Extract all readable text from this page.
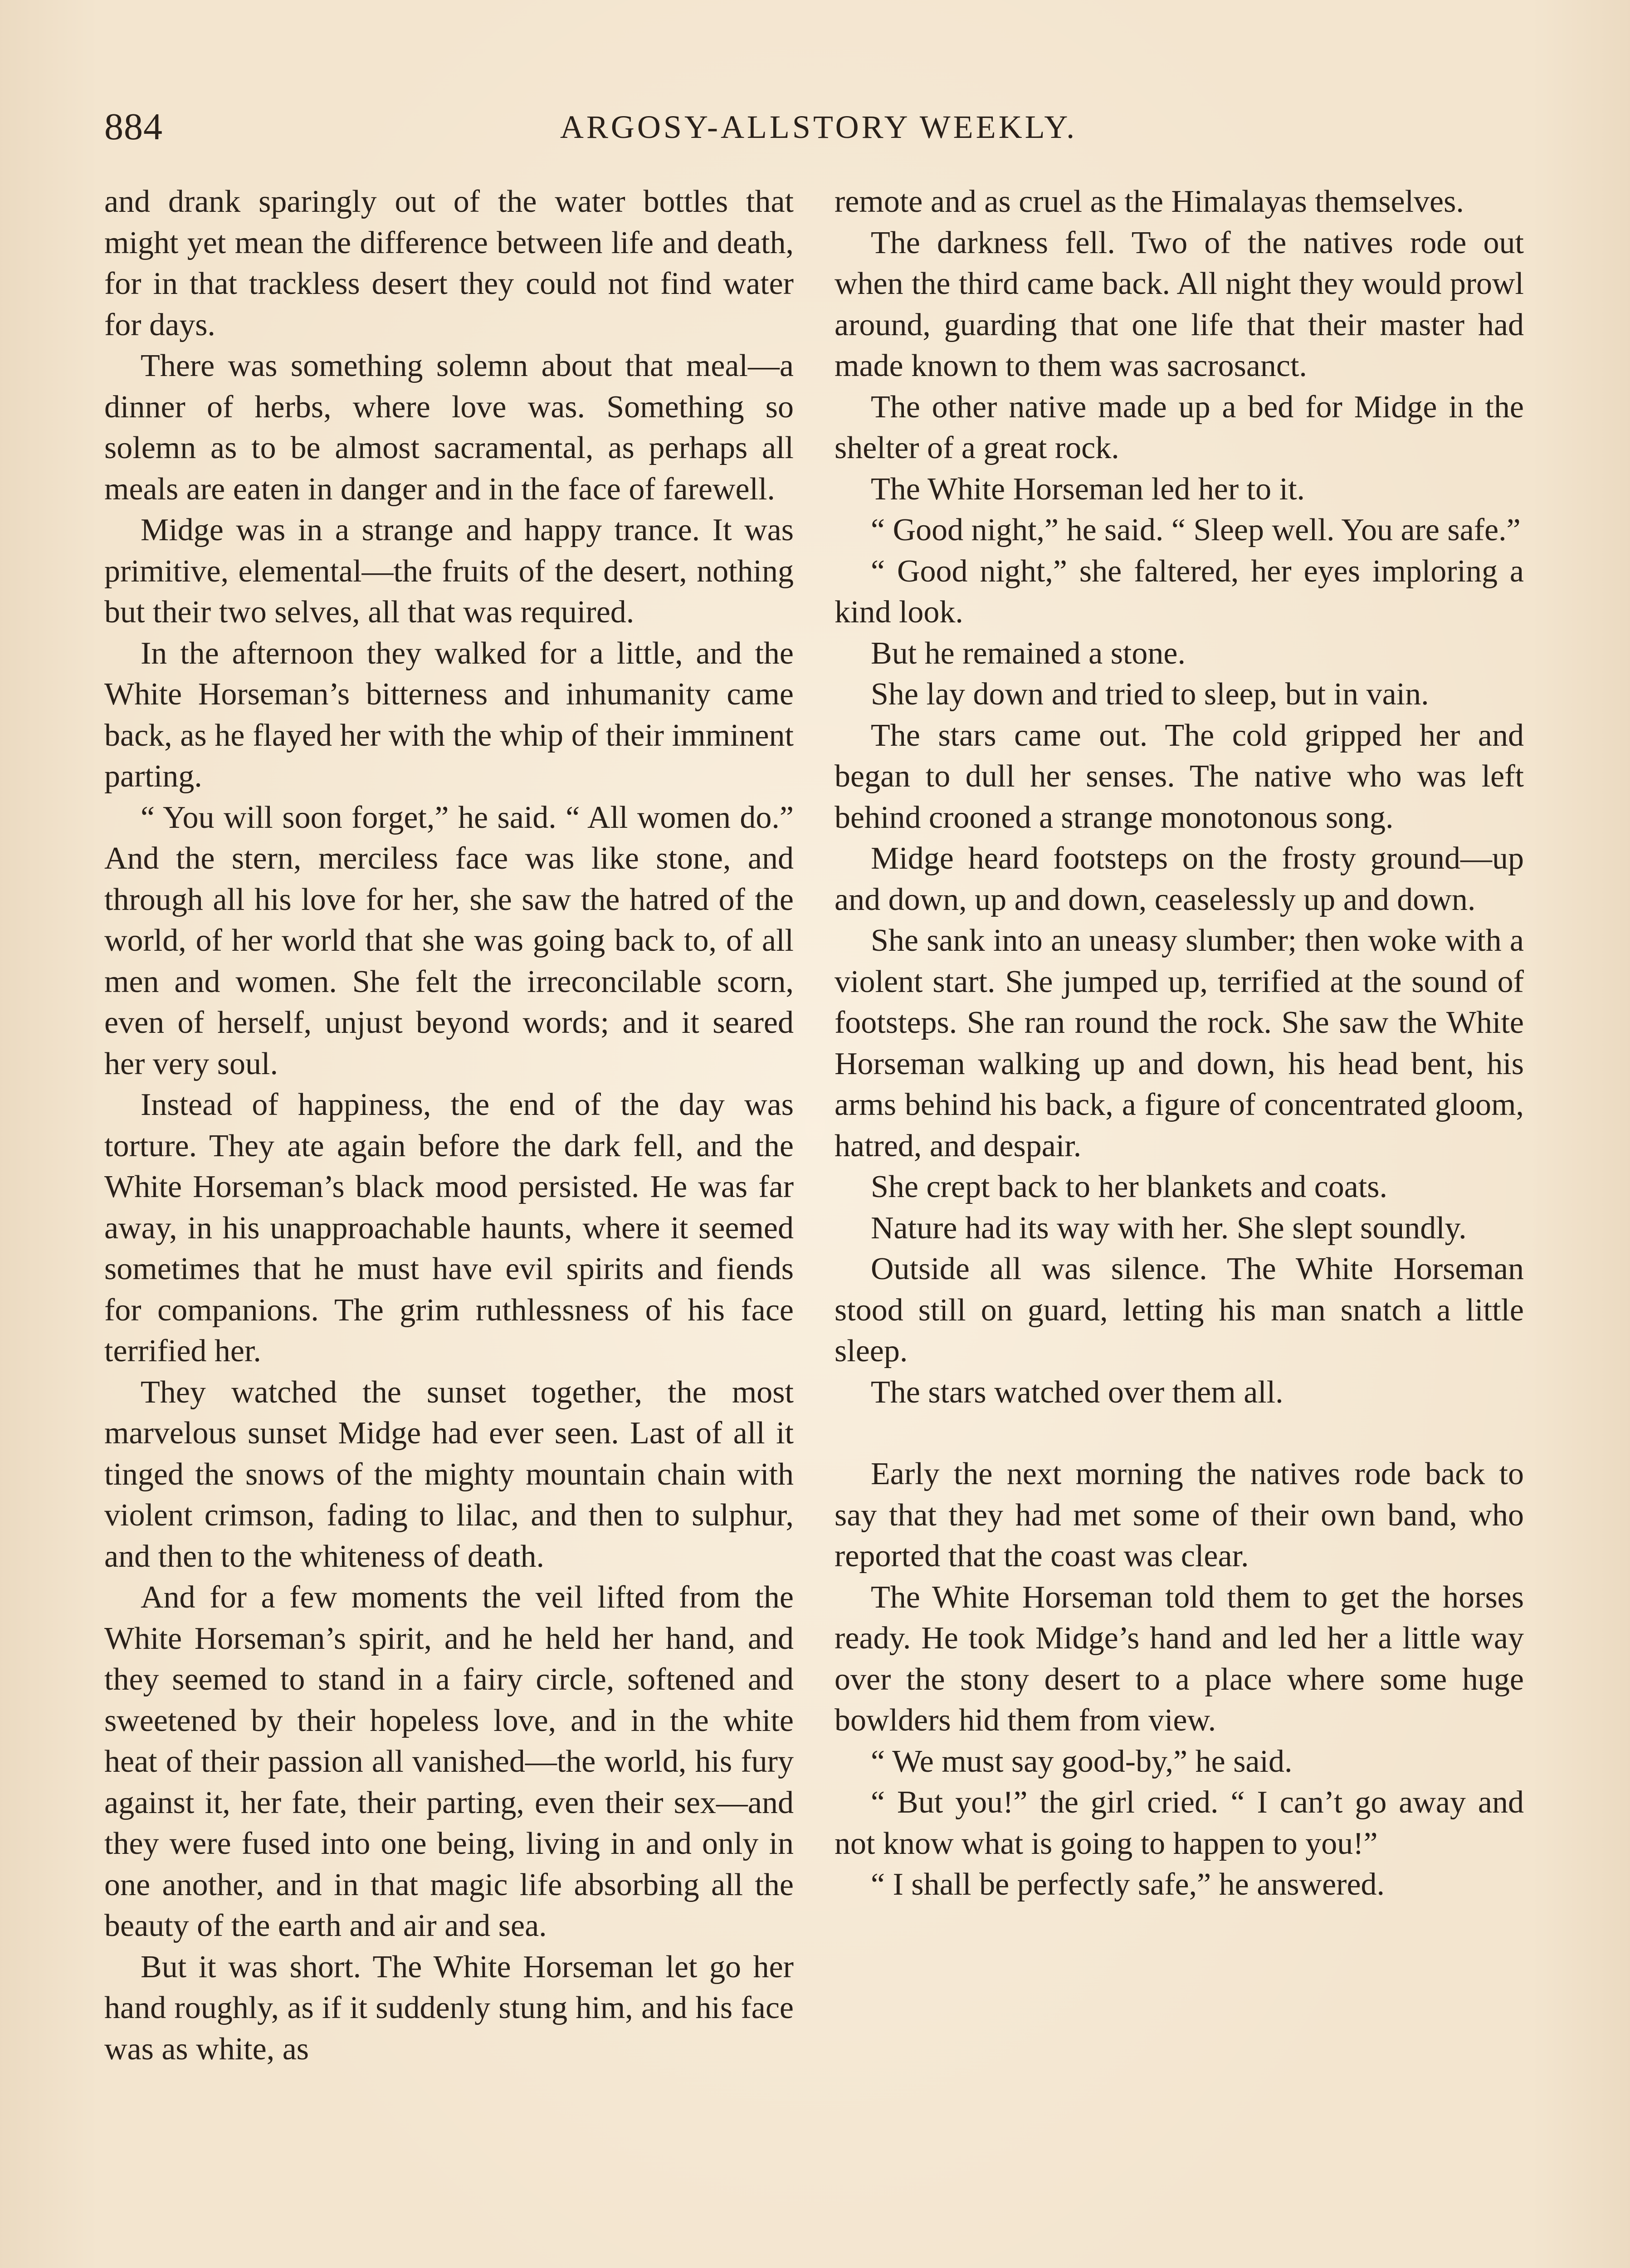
884	ARGOSY-ALLSTORY WEEKLY.

and drank sparingly out of the water bottles that might yet mean the difference between life and death, for in that trackless desert they could not find water for days.

There was something solemn about that meal—a dinner of herbs, where love was. Something so solemn as to be almost sacramental, as perhaps all meals are eaten in danger and in the face of farewell.

Midge was in a strange and happy trance. It was primitive, elemental—the fruits of the desert, nothing but their two selves, all that was required.

In the afternoon they walked for a little, and the White Horseman’s bitterness and inhumanity came back, as he flayed her with the whip of their imminent parting.

“ You will soon forget,” he said. “ All women do.” And the stern, merciless face was like stone, and through all his love for her, she saw the hatred of the world, of her world that she was going back to, of all men and women. She felt the irreconcilable scorn, even of herself, unjust beyond words; and it seared her very soul.

Instead of happiness, the end of the day was torture. They ate again before the dark fell, and the White Horseman’s black mood persisted. He was far away, in his unapproachable haunts, where it seemed sometimes that he must have evil spirits and fiends for companions. The grim ruthlessness of his face terrified her.

They watched the sunset together, the most marvelous sunset Midge had ever seen. Last of all it tinged the snows of the mighty mountain chain with violent crimson, fading to lilac, and then to sulphur, and then to the whiteness of death.

And for a few moments the veil lifted from the White Horseman’s spirit, and he held her hand, and they seemed to stand in a fairy circle, softened and sweetened by their hopeless love, and in the white heat of their passion all vanished—the world, his fury against it, her fate, their parting, even their sex—and they were fused into one being, living in and only in one another, and in that magic life absorbing all the beauty of the earth and air and sea.

But it was short. The White Horseman let go her hand roughly, as if it suddenly stung him, and his face was as white, as

remote and as cruel as the Himalayas themselves.

The darkness fell. Two of the natives rode out when the third came back. All night they would prowl around, guarding that one life that their master had made known to them was sacrosanct.

The other native made up a bed for Midge in the shelter of a great rock.

The White Horseman led her to it.

“ Good night,” he said. “ Sleep well. You are safe.”

“ Good night,” she faltered, her eyes imploring a kind look.

But he remained a stone.

She lay down and tried to sleep, but in vain.

The stars came out. The cold gripped her and began to dull her senses. The native who was left behind crooned a strange monotonous song.

Midge heard footsteps on the frosty ground—up and down, up and down, ceaselessly up and down.

She sank into an uneasy slumber; then woke with a violent start. She jumped up, terrified at the sound of footsteps. She ran round the rock. She saw the White Horseman walking up and down, his head bent, his arms behind his back, a figure of concentrated gloom, hatred, and despair.

She crept back to her blankets and coats.

Nature had its way with her. She slept soundly.

Outside all was silence. The White Horseman stood still on guard, letting his man snatch a little sleep.

The stars watched over them all.

Early the next morning the natives rode back to say that they had met some of their own band, who reported that the coast was clear.

The White Horseman told them to get the horses ready. He took Midge’s hand and led her a little way over the stony desert to a place where some huge bowlders hid them from view.

“ We must say good-by,” he said.

“ But you!” the girl cried. “ I can’t go away and not know what is going to happen to you!”

“ I shall be perfectly safe,” he answered.
